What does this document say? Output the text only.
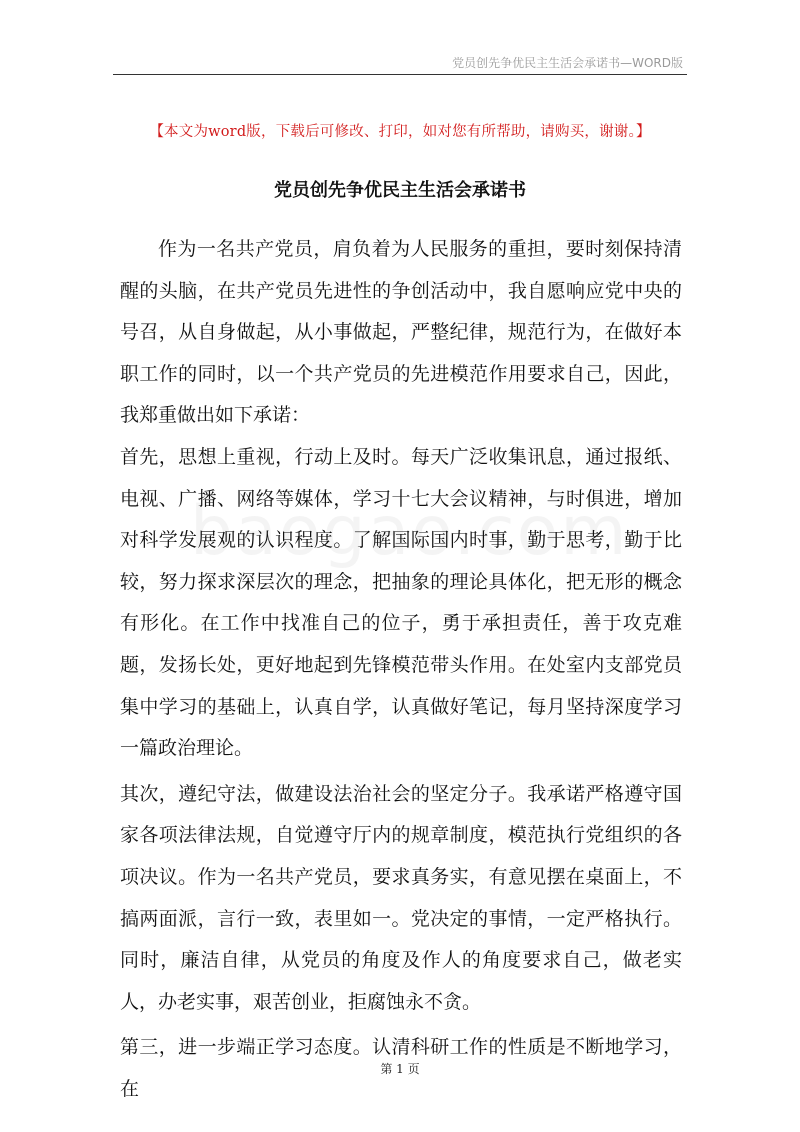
党员创先争优民主生活会承诺书—WORD版
【本文为word版，下载后可修改、打印，如对您有所帮助，请购买，谢谢。】
党员创先争优民主生活会承诺书

作为一名共产党员，肩负着为人民服务的重担，要时刻保持清醒的头脑，在共产党员先进性的争创活动中，我自愿响应党中央的号召，从自身做起，从小事做起，严整纪律，规范行为，在做好本职工作的同时，以一个共产党员的先进模范作用要求自己，因此，我郑重做出如下承诺：

首先，思想上重视，行动上及时。每天广泛收集讯息，通过报纸、电视、广播、网络等媒体，学习十七大会议精神，与时俱进，增加对科学发展观的认识程度。了解国际国内时事，勤于思考，勤于比较，努力探求深层次的理念，把抽象的理论具体化，把无形的概念有形化。在工作中找准自己的位子，勇于承担责任，善于攻克难题，发扬长处，更好地起到先锋模范带头作用。在处室内支部党员集中学习的基础上，认真自学，认真做好笔记，每月坚持深度学习一篇政治理论。

其次，遵纪守法，做建设法治社会的坚定分子。我承诺严格遵守国家各项法律法规，自觉遵守厅内的规章制度，模范执行党组织的各项决议。作为一名共产党员，要求真务实，有意见摆在桌面上，不搞两面派，言行一致，表里如一。党决定的事情，一定严格执行。同时，廉洁自律，从党员的角度及作人的角度要求自己，做老实人，办老实事，艰苦创业，拒腐蚀永不贪。

第三，进一步端正学习态度。认清科研工作的性质是不断地学习，在

第 1 页
